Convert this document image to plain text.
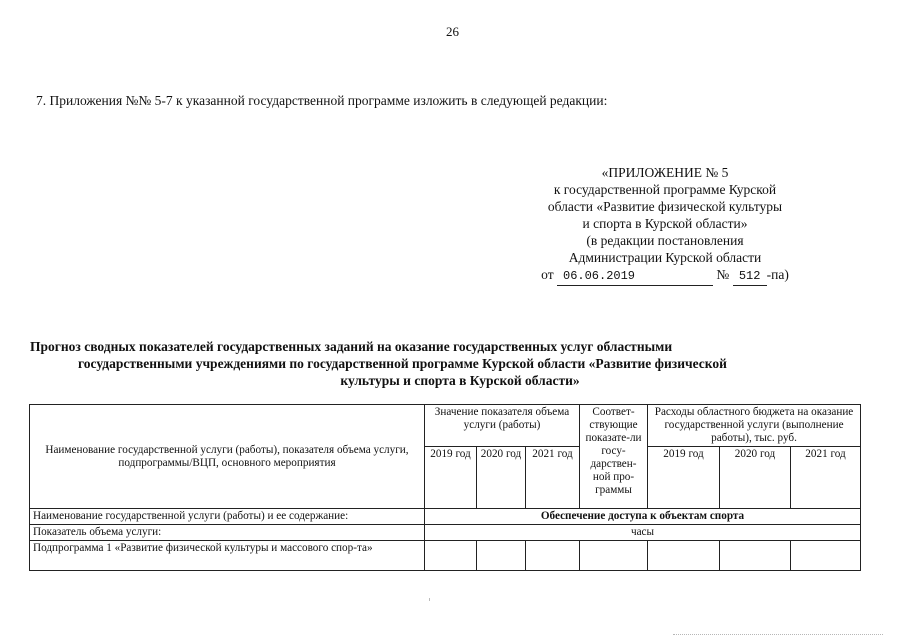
26
7. Приложения №№ 5-7 к указанной государственной программе изложить в следующей редакции:
«ПРИЛОЖЕНИЕ № 5
к государственной программе Курской
области «Развитие физической культуры
и спорта в Курской области»
(в редакции постановления
Администрации Курской области
от 06.06.2019	№ 512 -па)
Прогноз сводных показателей государственных заданий на оказание государственных услуг областными
государственными учреждениями по государственной программе Курской области «Развитие физической
культуры и спорта в Курской области»
Наименование государственной услуги (работы), показателя объема услуги, подпрограммы/ВЦП, основного мероприятия	Значение показателя объема услуги (работы)			Соответ-ствующие показате-ли госу-дарствен-ной про-граммы	Расходы областного бюджета на оказание государственной услуги (выполнение работы), тыс. руб.		
	2019 год	2020 год	2021 год		2019 год	2020 год	2021 год
Наименование государственной услуги (работы) и ее содержание:	Обеспечение доступа к объектам спорта						
Показатель объема услуги:	часы						
Подпрограмма 1 «Развитие физической культуры и массового спор-та»							
